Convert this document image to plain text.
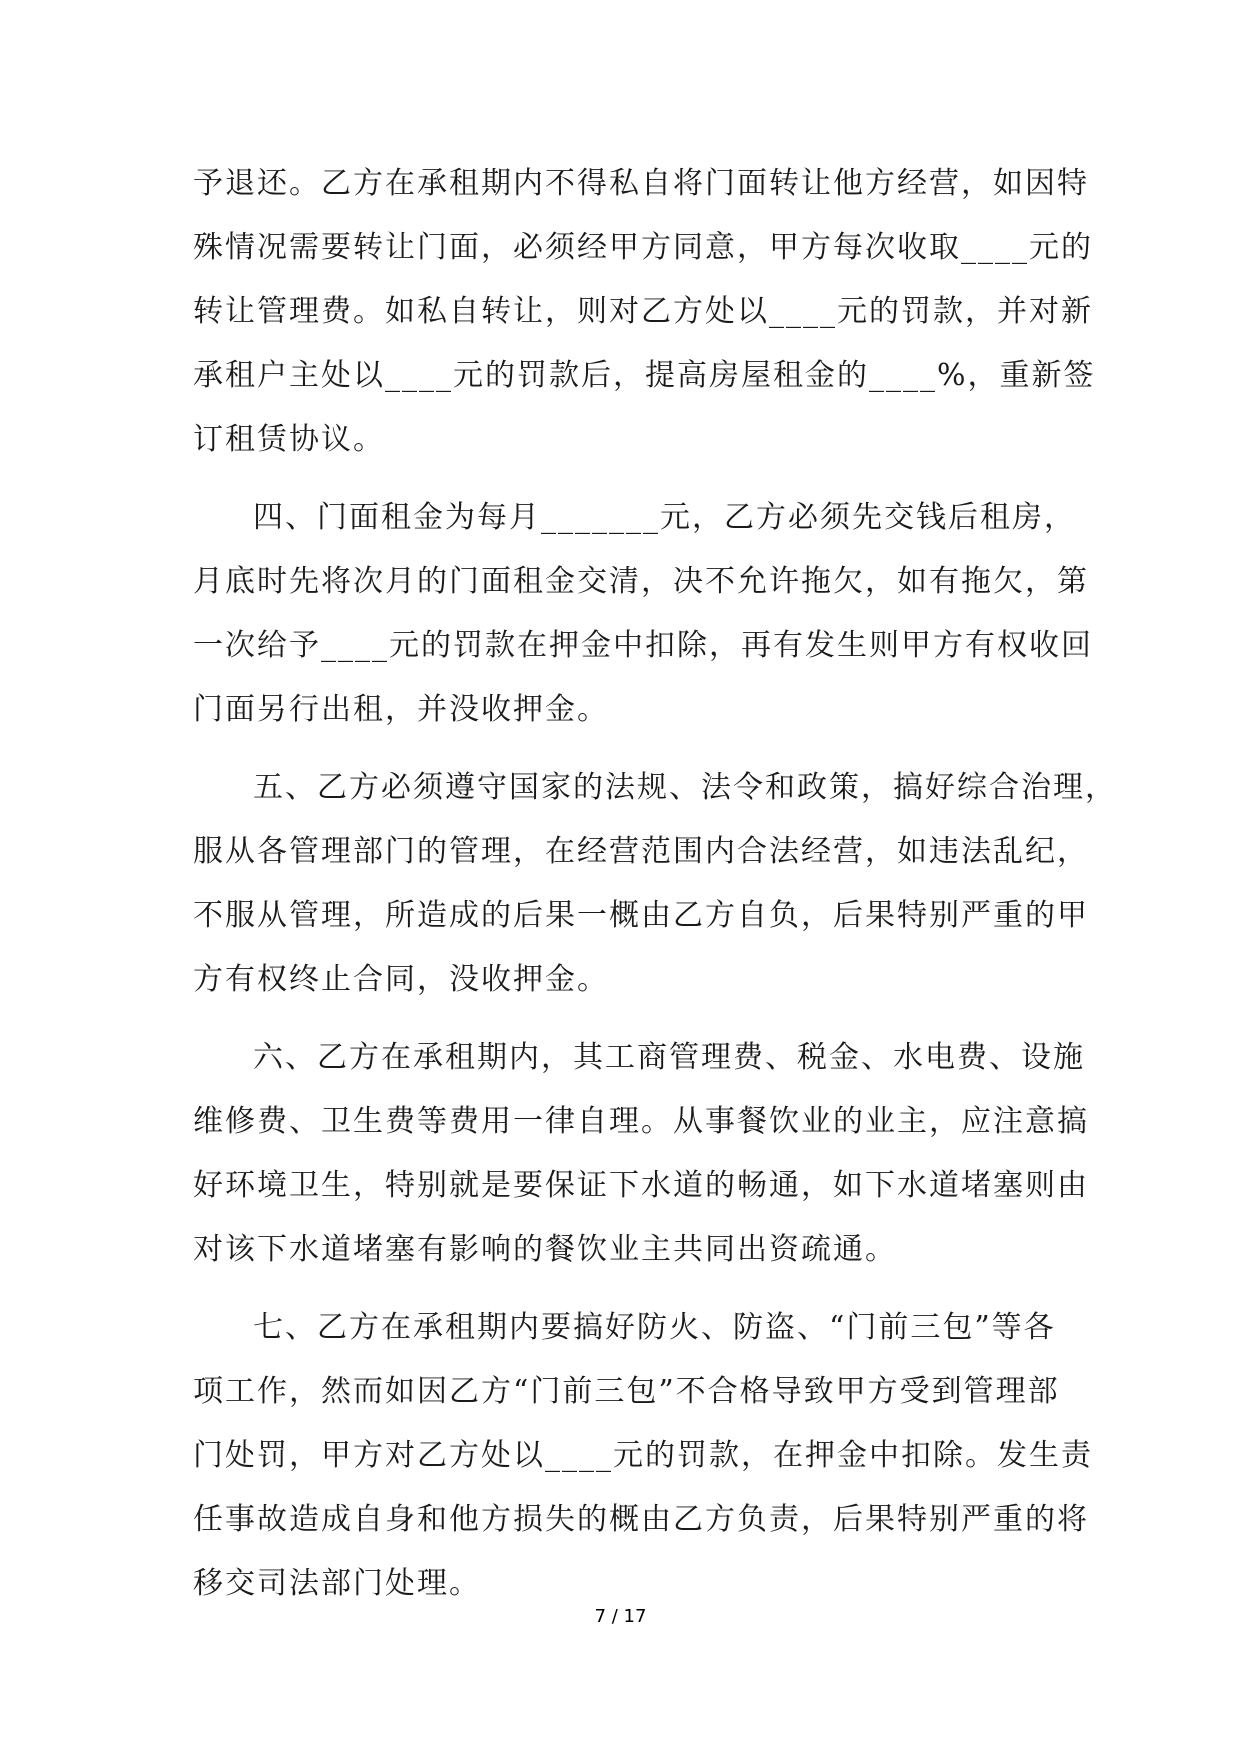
予退还。乙方在承租期内不得私自将门面转让他方经营，如因特
殊情况需要转让门面，必须经甲方同意，甲方每次收取____元的
转让管理费。如私自转让，则对乙方处以____元的罚款，并对新
承租户主处以____元的罚款后，提高房屋租金的____%，重新签
订租赁协议。
四、门面租金为每月_______元，乙方必须先交钱后租房，
月底时先将次月的门面租金交清，决不允许拖欠，如有拖欠，第
一次给予____元的罚款在押金中扣除，再有发生则甲方有权收回
门面另行出租，并没收押金。
五、乙方必须遵守国家的法规、法令和政策，搞好综合治理，
服从各管理部门的管理，在经营范围内合法经营，如违法乱纪，
不服从管理，所造成的后果一概由乙方自负，后果特别严重的甲
方有权终止合同，没收押金。
六、乙方在承租期内，其工商管理费、税金、水电费、设施
维修费、卫生费等费用一律自理。从事餐饮业的业主，应注意搞
好环境卫生，特别就是要保证下水道的畅通，如下水道堵塞则由
对该下水道堵塞有影响的餐饮业主共同出资疏通。
七、乙方在承租期内要搞好防火、防盗、“门前三包”等各
项工作，然而如因乙方“门前三包”不合格导致甲方受到管理部
门处罚，甲方对乙方处以____元的罚款，在押金中扣除。发生责
任事故造成自身和他方损失的概由乙方负责，后果特别严重的将
移交司法部门处理。
7 / 17
